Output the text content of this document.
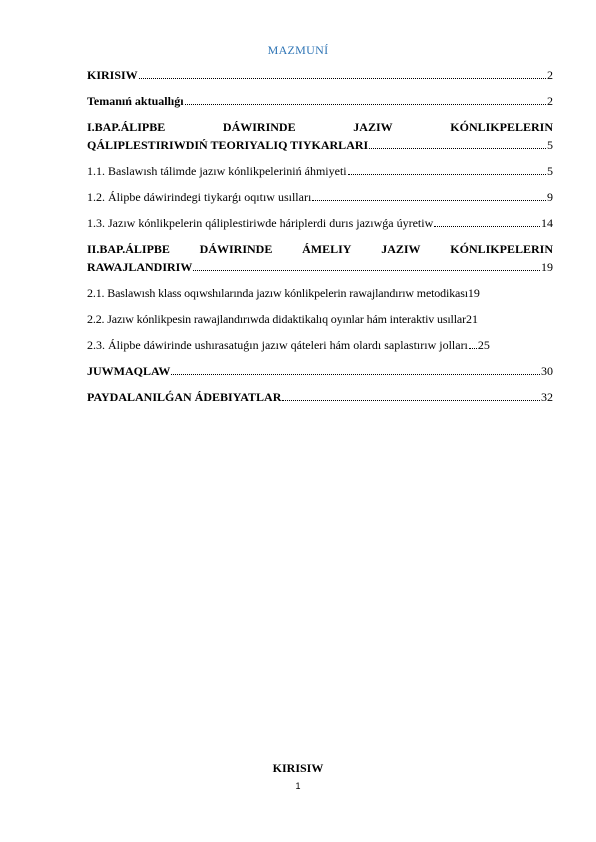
MAZMUNÍ
KIRISIW	2
Temanıń aktuallıǵı	2
I.BAP.ÁLIPBE	DÁWIRINDE	JAZIW	KÓNLIKPELERIN
QÁLIPLESTIRIWDIŃ TEORIYALIQ TIYKARLARI	5
1.1. Baslawısh tálimde jazıw kónlikpeleriniń áhmiyeti	5
1.2. Álipbe dáwirindegi tiykarǵı oqıtıw usılları	9
1.3. Jazıw kónlikpelerin qáliplestiriwde háriplerdi durıs jazıwǵa úyretiw	14
II.BAP.ÁLIPBE DÁWIRINDE ÁMELIY JAZIW KÓNLIKPELERIN
RAWAJLANDIRIW	19
2.1. Baslawısh klass oqıwshılarında jazıw kónlikpelerin rawajlandırıw metodikası 19
2.2. Jazıw kónlikpesin rawajlandırıwda didaktikalıq oyınlar hám interaktiv usıllar 21
2.3. Álipbe dáwirinde ushırasatuǵın jazıw qáteleri hám olardı saplastırıw jolları 25
JUWMAQLAW	30
PAYDALANILǴAN ÁDEBIYATLAR	32
KIRISIW
1
